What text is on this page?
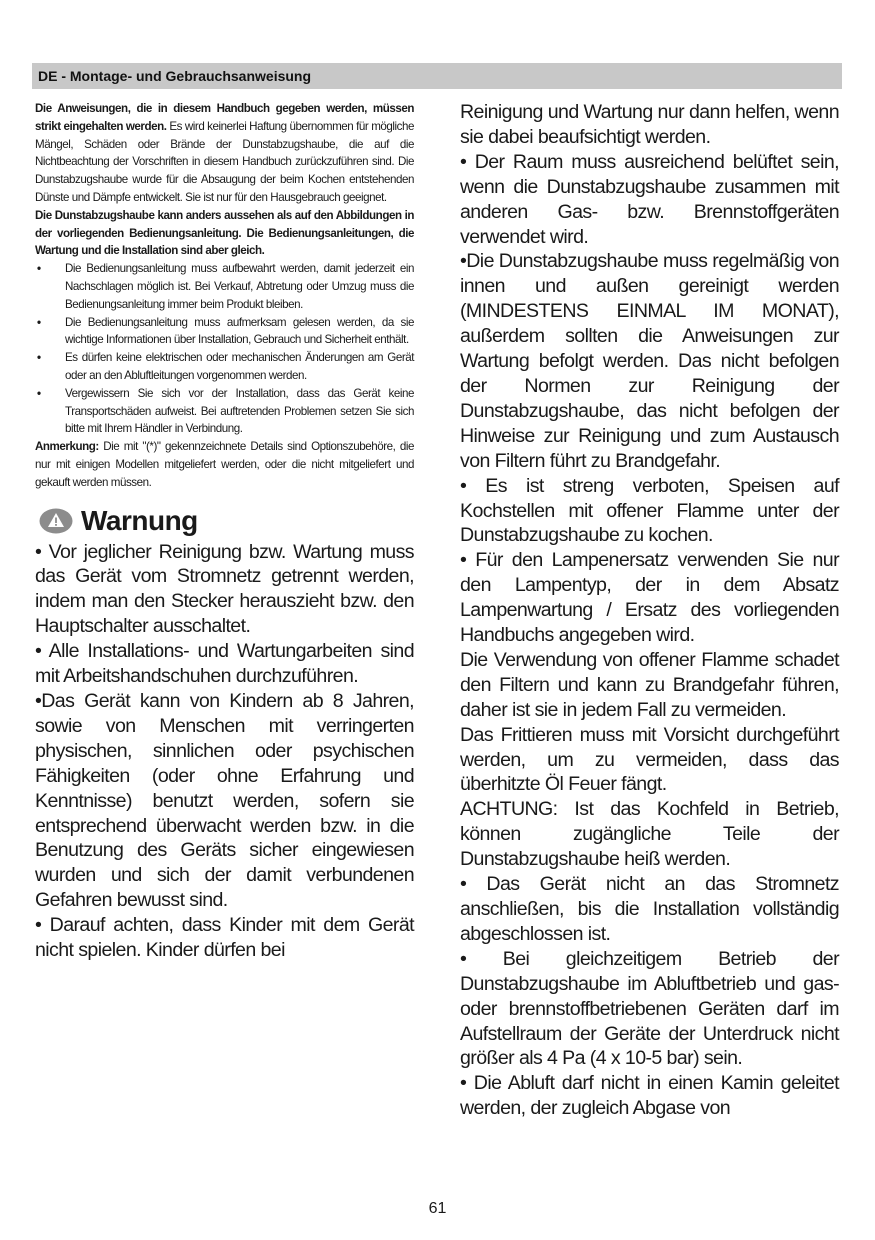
DE - Montage- und Gebrauchsanweisung

Die Anweisungen, die in diesem Handbuch gegeben werden, müssen strikt eingehalten werden. Es wird keinerlei Haftung übernommen für mögliche Mängel, Schäden oder Brände der Dunstabzugshaube, die auf die Nichtbeachtung der Vorschriften in diesem Handbuch zurückzuführen sind. Die Dunstabzugshaube wurde für die Absaugung der beim Kochen entstehenden Dünste und Dämpfe entwickelt. Sie ist nur für den Hausgebrauch geeignet.

Die Dunstabzugshaube kann anders aussehen als auf den Abbildungen in der vorliegenden Bedienungsanleitung. Die Bedienungsanleitungen, die Wartung und die Installation sind aber gleich.

• Die Bedienungsanleitung muss aufbewahrt werden, damit jederzeit ein Nachschlagen möglich ist. Bei Verkauf, Abtretung oder Umzug muss die Bedienungsanleitung immer beim Produkt bleiben.
• Die Bedienungsanleitung muss aufmerksam gelesen werden, da sie wichtige Informationen über Installation, Gebrauch und Sicherheit enthält.
• Es dürfen keine elektrischen oder mechanischen Änderungen am Gerät oder an den Abluftleitungen vorgenommen werden.
• Vergewissern Sie sich vor der Installation, dass das Gerät keine Transportschäden aufweist. Bei auftretenden Problemen setzen Sie sich bitte mit Ihrem Händler in Verbindung.

Anmerkung: Die mit "(*)" gekennzeichnete Details sind Optionszubehöre, die nur mit einigen Modellen mitgeliefert werden, oder die nicht mitgeliefert und gekauft werden müssen.

Warnung

• Vor jeglicher Reinigung bzw. Wartung muss das Gerät vom Stromnetz getrennt werden, indem man den Stecker herauszieht bzw. den Hauptschalter ausschaltet.
• Alle Installations- und Wartungarbeiten sind mit Arbeitshandschuhen durchzuführen.
•Das Gerät kann von Kindern ab 8 Jahren, sowie von Menschen mit verringerten physischen, sinnlichen oder psychischen Fähigkeiten (oder ohne Erfahrung und Kenntnisse) benutzt werden, sofern sie entsprechend überwacht werden bzw. in die Benutzung des Geräts sicher eingewiesen wurden und sich der damit verbundenen Gefahren bewusst sind.
• Darauf achten, dass Kinder mit dem Gerät nicht spielen. Kinder dürfen bei

Reinigung und Wartung nur dann helfen, wenn sie dabei beaufsichtigt werden.
• Der Raum muss ausreichend belüftet sein, wenn die Dunstabzugshaube zusammen mit anderen Gas- bzw. Brennstoffgeräten verwendet wird.
•Die Dunstabzugshaube muss regelmäßig von innen und außen gereinigt werden (MINDESTENS EINMAL IM MONAT), außerdem sollten die Anweisungen zur Wartung befolgt werden. Das nicht befolgen der Normen zur Reinigung der Dunstabzugshaube, das nicht befolgen der Hinweise zur Reinigung und zum Austausch von Filtern führt zu Brandgefahr.
• Es ist streng verboten, Speisen auf Kochstellen mit offener Flamme unter der Dunstabzugshaube zu kochen.
• Für den Lampenersatz verwenden Sie nur den Lampentyp, der in dem Absatz Lampenwartung / Ersatz des vorliegenden Handbuchs angegeben wird.
Die Verwendung von offener Flamme schadet den Filtern und kann zu Brandgefahr führen, daher ist sie in jedem Fall zu vermeiden.
Das Frittieren muss mit Vorsicht durchgeführt werden, um zu vermeiden, dass das überhitzte Öl Feuer fängt.
ACHTUNG: Ist das Kochfeld in Betrieb, können zugängliche Teile der Dunstabzugshaube heiß werden.
• Das Gerät nicht an das Stromnetz anschließen, bis die Installation vollständig abgeschlossen ist.
• Bei gleichzeitigem Betrieb der Dunstabzugshaube im Abluftbetrieb und gas- oder brennstoffbetriebenen Geräten darf im Aufstellraum der Geräte der Unterdruck nicht größer als 4 Pa (4 x 10-5 bar) sein.
• Die Abluft darf nicht in einen Kamin geleitet werden, der zugleich Abgase von

61
